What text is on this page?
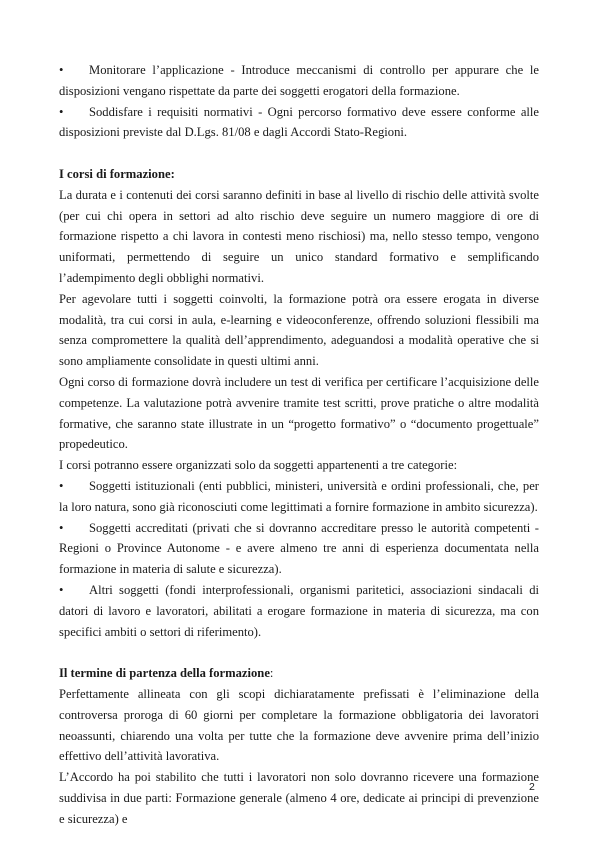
• Monitorare l’applicazione - Introduce meccanismi di controllo per appurare che le disposizioni vengano rispettate da parte dei soggetti erogatori della formazione.

• Soddisfare i requisiti normativi - Ogni percorso formativo deve essere conforme alle disposizioni previste dal D.Lgs. 81/08 e dagli Accordi Stato-Regioni.

I corsi di formazione:

La durata e i contenuti dei corsi saranno definiti in base al livello di rischio delle attività svolte (per cui chi opera in settori ad alto rischio deve seguire un numero maggiore di ore di formazione rispetto a chi lavora in contesti meno rischiosi) ma, nello stesso tempo, vengono uniformati, permettendo di seguire un unico standard formativo e semplificando l’adempimento degli obblighi normativi.

Per agevolare tutti i soggetti coinvolti, la formazione potrà ora essere erogata in diverse modalità, tra cui corsi in aula, e-learning e videoconferenze, offrendo soluzioni flessibili ma senza compromettere la qualità dell’apprendimento, adeguandosi a modalità operative che si sono ampliamente consolidate in questi ultimi anni.

Ogni corso di formazione dovrà includere un test di verifica per certificare l’acquisizione delle competenze. La valutazione potrà avvenire tramite test scritti, prove pratiche o altre modalità formative, che saranno state illustrate in un “progetto formativo” o “documento progettuale” propedeutico.

I corsi potranno essere organizzati solo da soggetti appartenenti a tre categorie:

• Soggetti istituzionali (enti pubblici, ministeri, università e ordini professionali, che, per la loro natura, sono già riconosciuti come legittimati a fornire formazione in ambito sicurezza).

• Soggetti accreditati (privati che si dovranno accreditare presso le autorità competenti - Regioni o Province Autonome - e avere almeno tre anni di esperienza documentata nella formazione in materia di salute e sicurezza).

• Altri soggetti (fondi interprofessionali, organismi paritetici, associazioni sindacali di datori di lavoro e lavoratori, abilitati a erogare formazione in materia di sicurezza, ma con specifici ambiti o settori di riferimento).

Il termine di partenza della formazione:

Perfettamente allineata con gli scopi dichiaratamente prefissati è l’eliminazione della controversa proroga di 60 giorni per completare la formazione obbligatoria dei lavoratori neoassunti, chiarendo una volta per tutte che la formazione deve avvenire prima dell’inizio effettivo dell’attività lavorativa.

L’Accordo ha poi stabilito che tutti i lavoratori non solo dovranno ricevere una formazione suddivisa in due parti: Formazione generale (almeno 4 ore, dedicate ai principi di prevenzione e sicurezza) e

2
